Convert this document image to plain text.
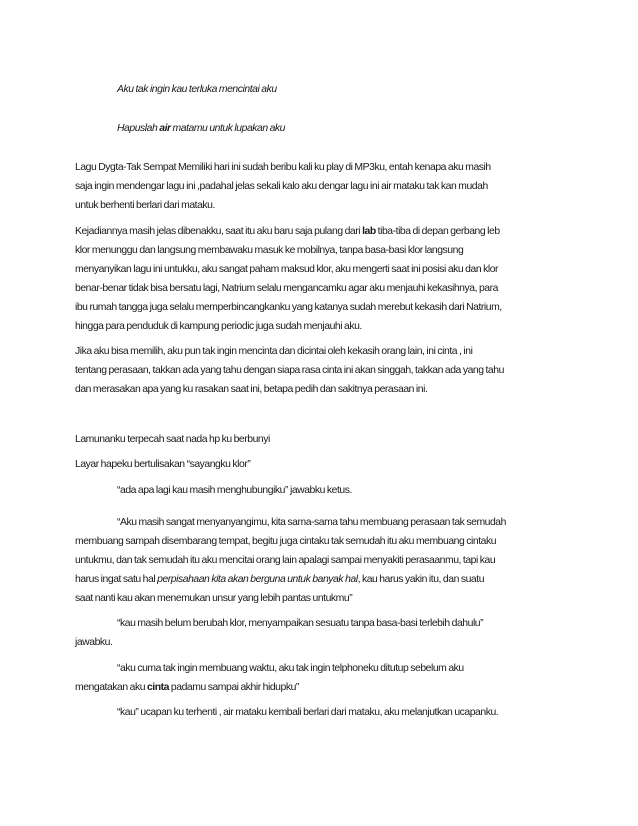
Aku tak ingin kau terluka mencintai aku
Hapuslah air matamu untuk lupakan aku
Lagu Dygta-Tak Sempat Memiliki hari ini sudah beribu kali ku play di MP3ku, entah kenapa aku masih
saja ingin mendengar lagu ini ,padahal jelas sekali kalo aku dengar lagu ini air mataku tak kan mudah
untuk berhenti berlari dari mataku.
Kejadiannya masih jelas dibenakku, saat itu aku baru saja pulang dari lab tiba-tiba di depan gerbang leb
klor menunggu dan langsung membawaku masuk ke mobilnya, tanpa basa-basi klor langsung
menyanyikan lagu ini untukku, aku sangat paham maksud klor, aku mengerti saat ini posisi aku dan klor
benar-benar tidak bisa bersatu lagi, Natrium selalu mengancamku agar aku menjauhi kekasihnya, para
ibu rumah tangga juga selalu memperbincangkanku yang katanya sudah merebut kekasih dari Natrium,
hingga para penduduk di kampung periodic juga sudah menjauhi aku.
Jika aku bisa memilih, aku pun tak ingin mencinta dan dicintai oleh kekasih orang lain, ini cinta , ini
tentang perasaan, takkan ada yang tahu dengan siapa rasa cinta ini akan singgah, takkan ada yang tahu
dan merasakan apa yang ku rasakan saat ini, betapa pedih dan sakitnya perasaan ini.
Lamunanku terpecah saat nada hp ku berbunyi
Layar hapeku bertulisakan “sayangku klor”
“ada apa lagi kau masih menghubungiku” jawabku ketus.
“Aku masih sangat menyanyangimu, kita sama-sama tahu membuang perasaan tak semudah
membuang sampah disembarang tempat, begitu juga cintaku tak semudah itu aku membuang cintaku
untukmu, dan tak semudah itu aku mencitai orang lain apalagi sampai menyakiti perasaanmu, tapi kau
harus ingat satu hal perpisahaan kita akan berguna untuk banyak hal, kau harus yakin itu, dan suatu
saat nanti kau akan menemukan unsur yang lebih pantas untukmu”
“kau masih belum berubah klor, menyampaikan sesuatu tanpa basa-basi terlebih dahulu”
jawabku.
“aku cuma tak ingin membuang waktu, aku tak ingin telphoneku ditutup sebelum aku
mengatakan aku cinta padamu sampai akhir hidupku”
“kau” ucapan ku terhenti , air mataku kembali berlari dari mataku, aku melanjutkan ucapanku.
